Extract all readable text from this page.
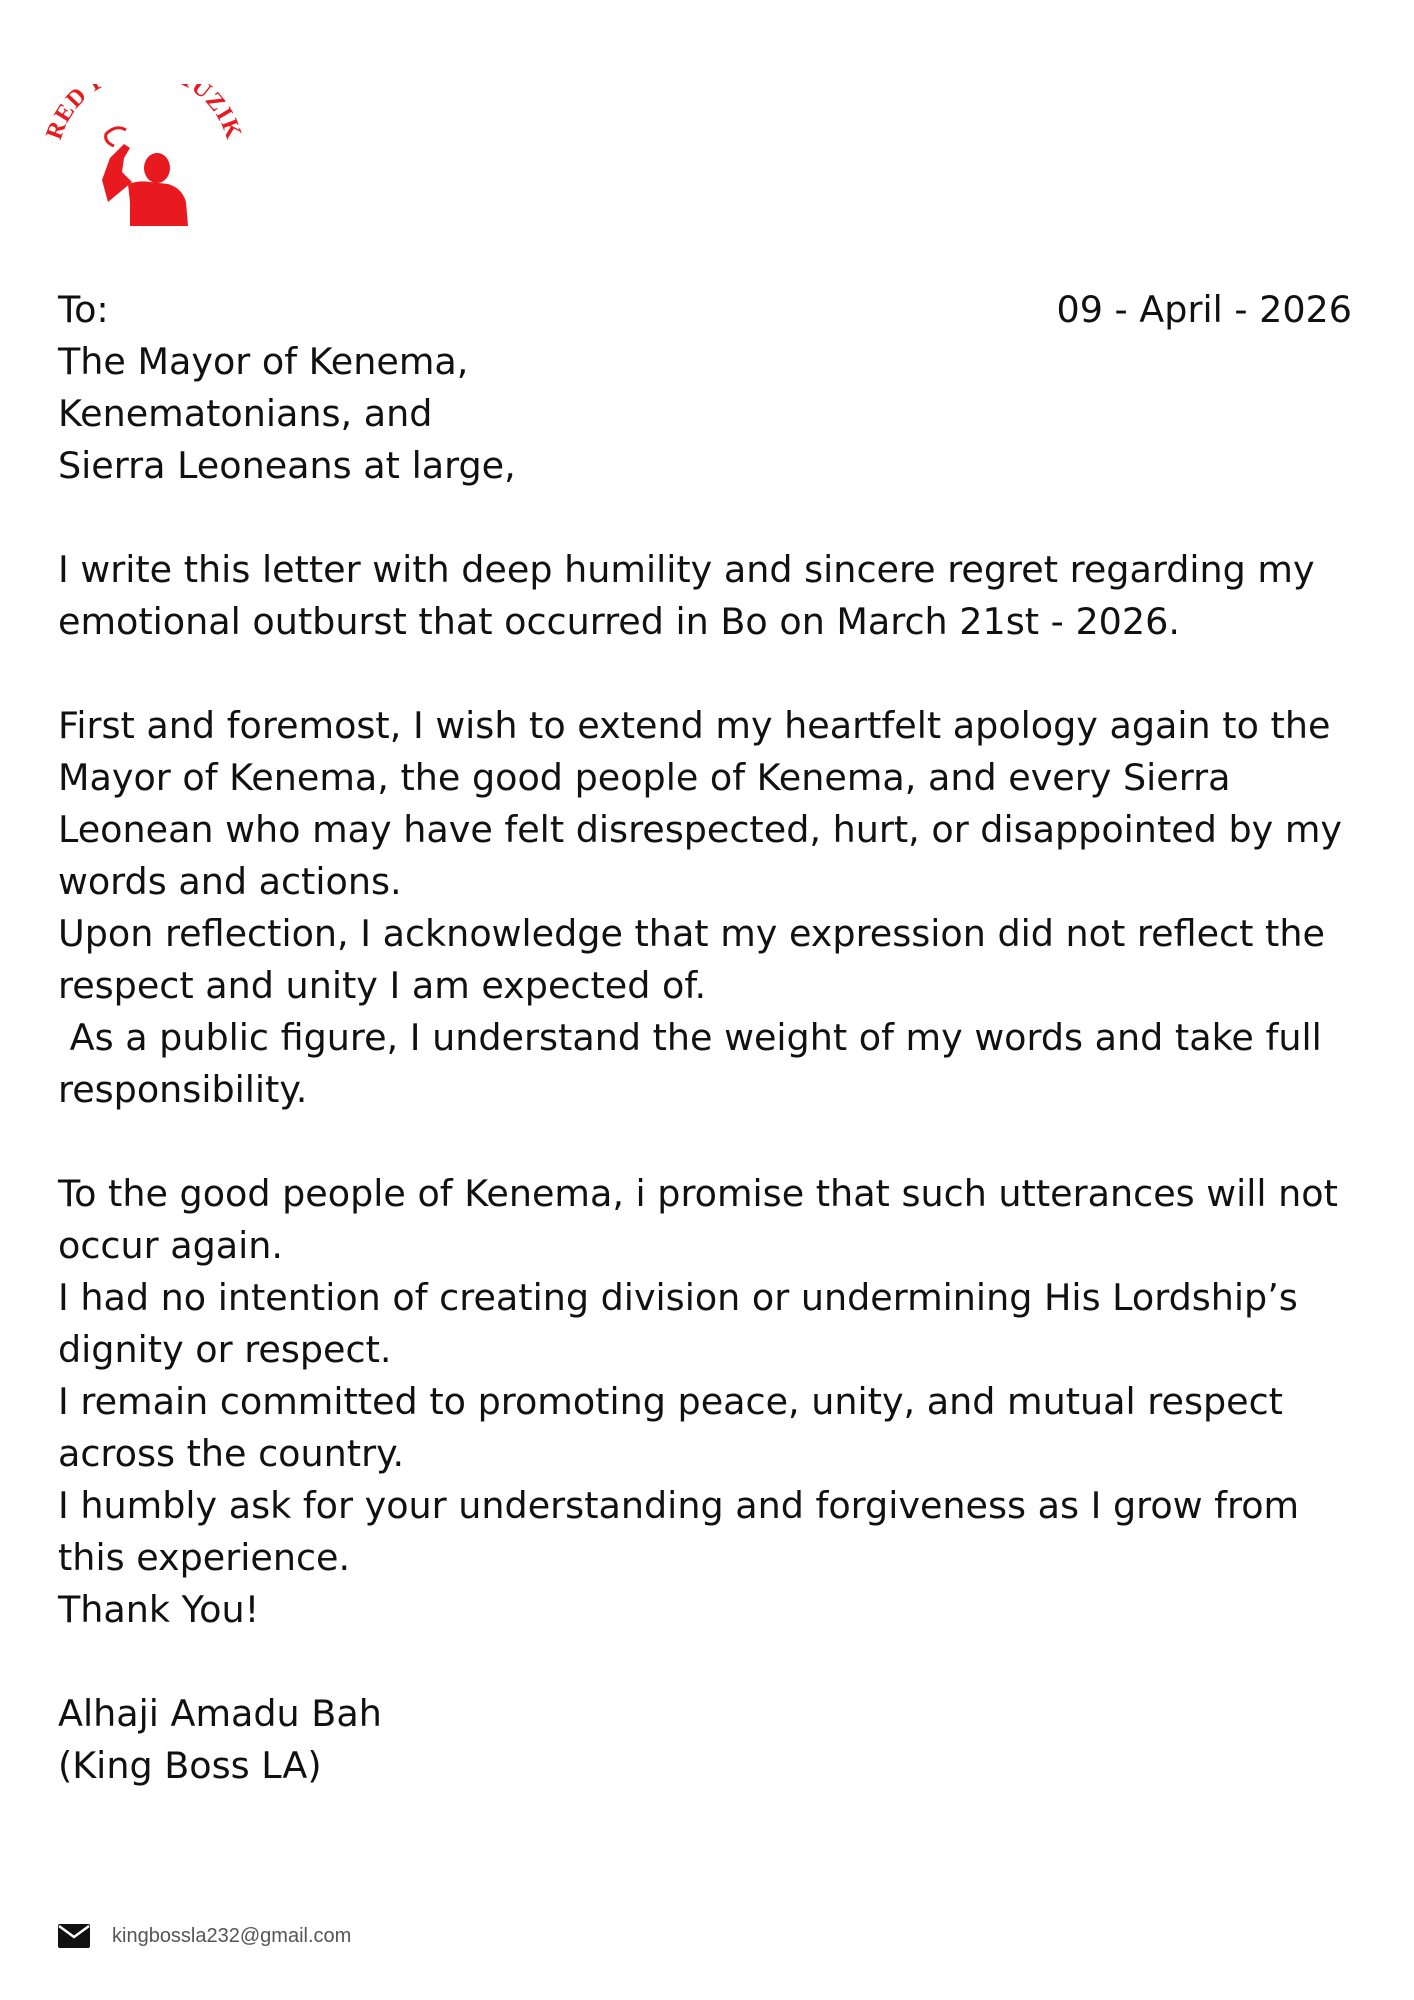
RED UZIK
09 - April - 2026
To:
The Mayor of Kenema,
Kenematonians, and
Sierra Leoneans at large,
I write this letter with deep humility and sincere regret regarding my
emotional outburst that occurred in Bo on March 21st - 2026.
First and foremost, I wish to extend my heartfelt apology again to the
Mayor of Kenema, the good people of Kenema, and every Sierra
Leonean who may have felt disrespected, hurt, or disappointed by my
words and actions.
Upon reflection, I acknowledge that my expression did not reflect the
respect and unity I am expected of.
As a public figure, I understand the weight of my words and take full
responsibility.
To the good people of Kenema, i promise that such utterances will not
occur again.
I had no intention of creating division or undermining His Lordship’s
dignity or respect.
I remain committed to promoting peace, unity, and mutual respect
across the country.
I humbly ask for your understanding and forgiveness as I grow from
this experience.
Thank You!
Alhaji Amadu Bah
(King Boss LA)
kingbossla232@gmail.com
